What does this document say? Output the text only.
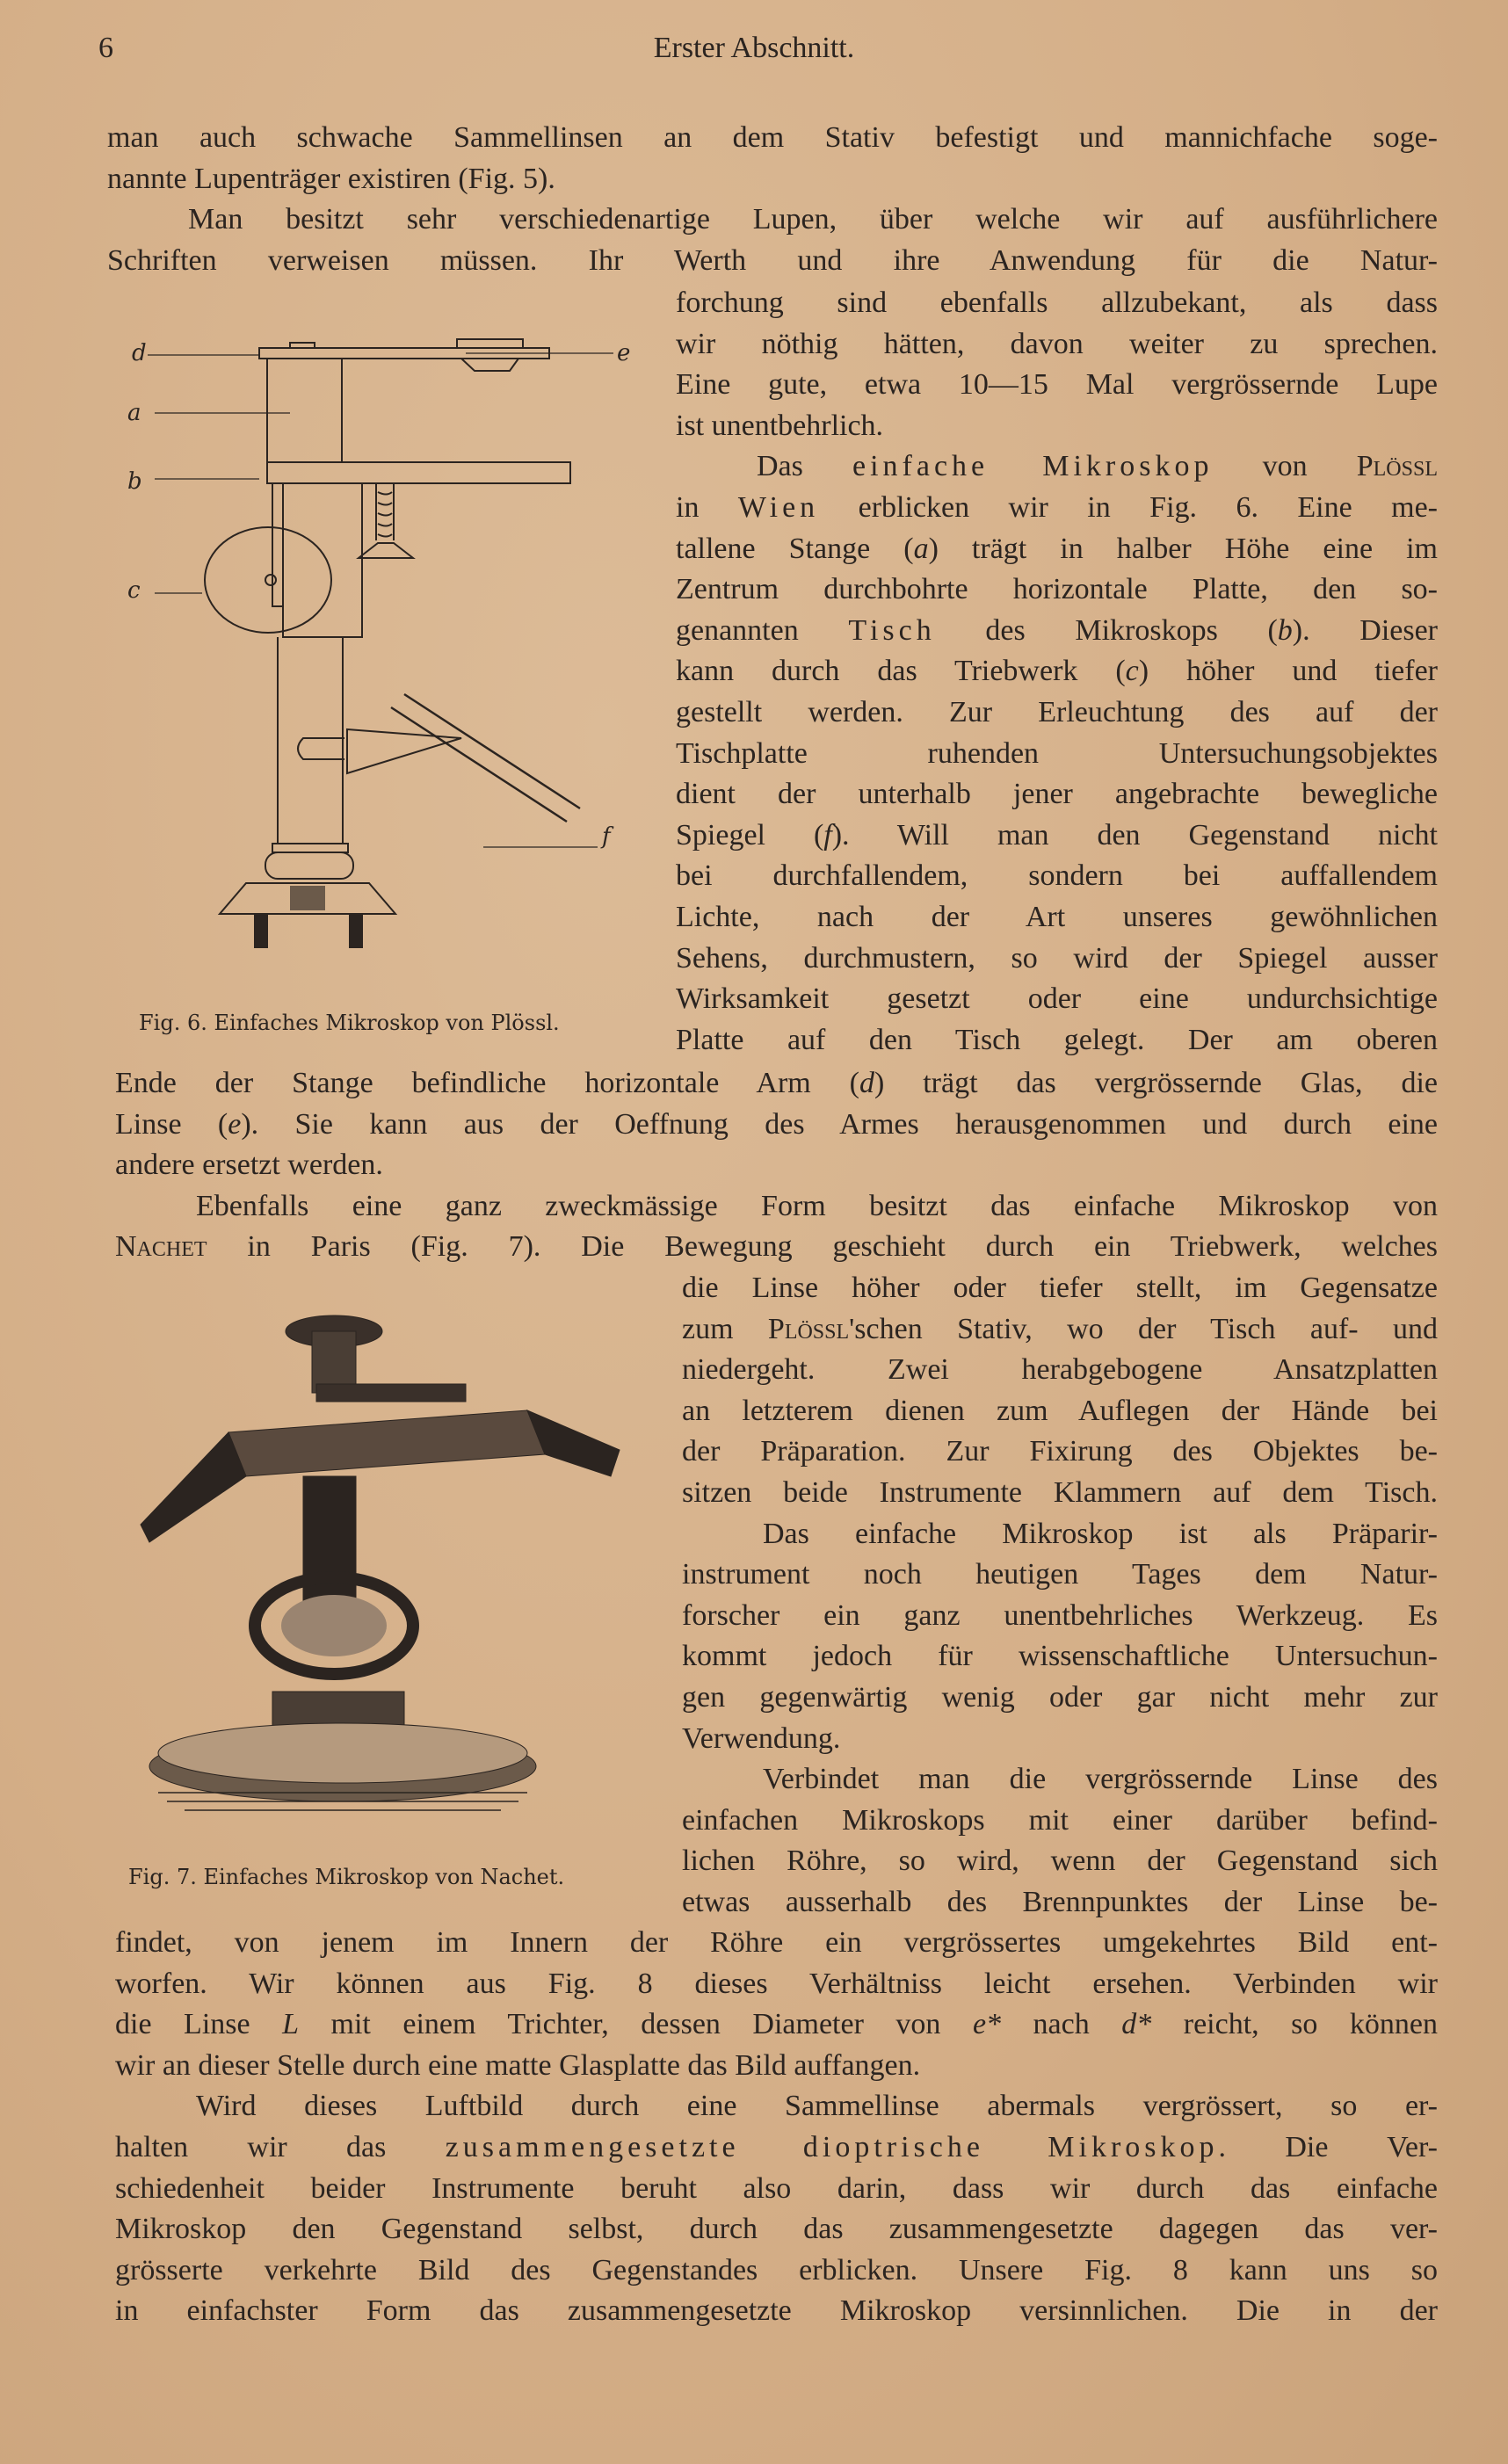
6	Erster Abschnitt.
man auch schwache Sammellinsen an dem Stativ befestigt und mannichfache soge-
nannte Lupenträger existiren (Fig. 5).
Man besitzt sehr verschiedenartige Lupen, über welche wir auf ausführlichere
Schriften verweisen müssen. Ihr Werth und ihre Anwendung für die Natur-
forchung sind ebenfalls allzubekant, als dass
wir nöthig hätten, davon weiter zu sprechen.
Eine gute, etwa 10—15 Mal vergrössernde Lupe
ist unentbehrlich.
Das einfache Mikroskop von Plössl
in Wien erblicken wir in Fig. 6. Eine me-
tallene Stange (a) trägt in halber Höhe eine im
Zentrum durchbohrte horizontale Platte, den so-
genannten Tisch des Mikroskops (b). Dieser
kann durch das Triebwerk (c) höher und tiefer
gestellt werden. Zur Erleuchtung des auf der
Tischplatte ruhenden Untersuchungsobjektes
dient der unterhalb jener angebrachte bewegliche
Spiegel (f). Will man den Gegenstand nicht
bei durchfallendem, sondern bei auffallendem
Lichte, nach der Art unseres gewöhnlichen
Sehens, durchmustern, so wird der Spiegel ausser
Wirksamkeit gesetzt oder eine undurchsichtige
Platte auf den Tisch gelegt. Der am oberen
Ende der Stange befindliche horizontale Arm (d) trägt das vergrössernde Glas, die
Linse (e). Sie kann aus der Oeffnung des Armes herausgenommen und durch eine
andere ersetzt werden.
Ebenfalls eine ganz zweckmässige Form besitzt das einfache Mikroskop von
Nachet in Paris (Fig. 7). Die Bewegung geschieht durch ein Triebwerk, welches
die Linse höher oder tiefer stellt, im Gegensatze
zum Plössl'schen Stativ, wo der Tisch auf- und
niedergeht. Zwei herabgebogene Ansatzplatten
an letzterem dienen zum Auflegen der Hände bei
der Präparation. Zur Fixirung des Objektes be-
sitzen beide Instrumente Klammern auf dem Tisch.
Das einfache Mikroskop ist als Präparir-
instrument noch heutigen Tages dem Natur-
forscher ein ganz unentbehrliches Werkzeug. Es
kommt jedoch für wissenschaftliche Untersuchun-
gen gegenwärtig wenig oder gar nicht mehr zur
Verwendung.
Verbindet man die vergrössernde Linse des
einfachen Mikroskops mit einer darüber befind-
lichen Röhre, so wird, wenn der Gegenstand sich
etwas ausserhalb des Brennpunktes der Linse be-
findet, von jenem im Innern der Röhre ein vergrössertes umgekehrtes Bild ent-
worfen. Wir können aus Fig. 8 dieses Verhältniss leicht ersehen. Verbinden wir
die Linse L mit einem Trichter, dessen Diameter von e* nach d* reicht, so können
wir an dieser Stelle durch eine matte Glasplatte das Bild auffangen.
Wird dieses Luftbild durch eine Sammellinse abermals vergrössert, so er-
halten wir das zusammengesetzte dioptrische Mikroskop. Die Ver-
schiedenheit beider Instrumente beruht also darin, dass wir durch das einfache
Mikroskop den Gegenstand selbst, durch das zusammengesetzte dagegen das ver-
grösserte verkehrte Bild des Gegenstandes erblicken. Unsere Fig. 8 kann uns so
in einfachster Form das zusammengesetzte Mikroskop versinnlichen. Die in der
d
a
b
c
e
f
Fig. 6. Einfaches Mikroskop von Plössl.
Fig. 7. Einfaches Mikroskop von Nachet.
